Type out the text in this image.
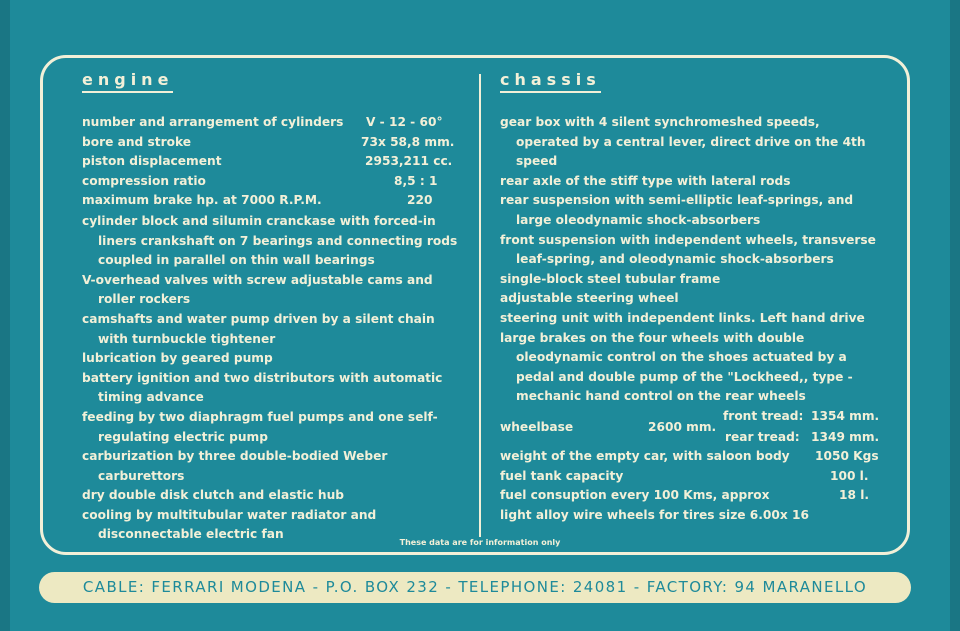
engine
number and arrangement of cylinders V - 12 - 60°
bore and stroke	73x 58,8 mm.
piston displacement	2953,211 cc.
compression ratio	8,5 : 1
maximum brake hp. at 7000 R.P.M.	220
cylinder block and silumin cranckase with forced-in liners crankshaft on 7 bearings and connecting rods coupled in parallel on thin wall bearings
V-overhead valves with screw adjustable cams and roller rockers
camshafts and water pump driven by a silent chain with turnbuckle tightener
lubrication by geared pump
battery ignition and two distributors with automatic timing advance
feeding by two diaphragm fuel pumps and one self-regulating electric pump
carburization by three double-bodied Weber carburettors
dry double disk clutch and elastic hub
cooling by multitubular water radiator and disconnectable electric fan
chassis
gear box with 4 silent synchromeshed speeds, operated by a central lever, direct drive on the 4th speed
rear axle of the stiff type with lateral rods
rear suspension with semi-elliptic leaf-springs, and large oleodynamic shock-absorbers
front suspension with independent wheels, transverse leaf-spring, and oleodynamic shock-absorbers
single-block steel tubular frame
adjustable steering wheel
steering unit with independent links. Left hand drive
large brakes on the four wheels with double oleodynamic control on the shoes actuated by a pedal and double pump of the "Lockheed,, type - mechanic hand control on the rear wheels
wheelbase	2600 mm.
front tread: 1354 mm.
rear tread: 1349 mm.
weight of the empty car, with saloon body 1050 Kgs
fuel tank capacity	100 l.
fuel consuption every 100 Kms, approx	18 l.
light alloy wire wheels for tires size 6.00x 16
These data are for information only
CABLE: FERRARI MODENA - P.O. BOX 232 - TELEPHONE: 24081 - FACTORY: 94 MARANELLO
